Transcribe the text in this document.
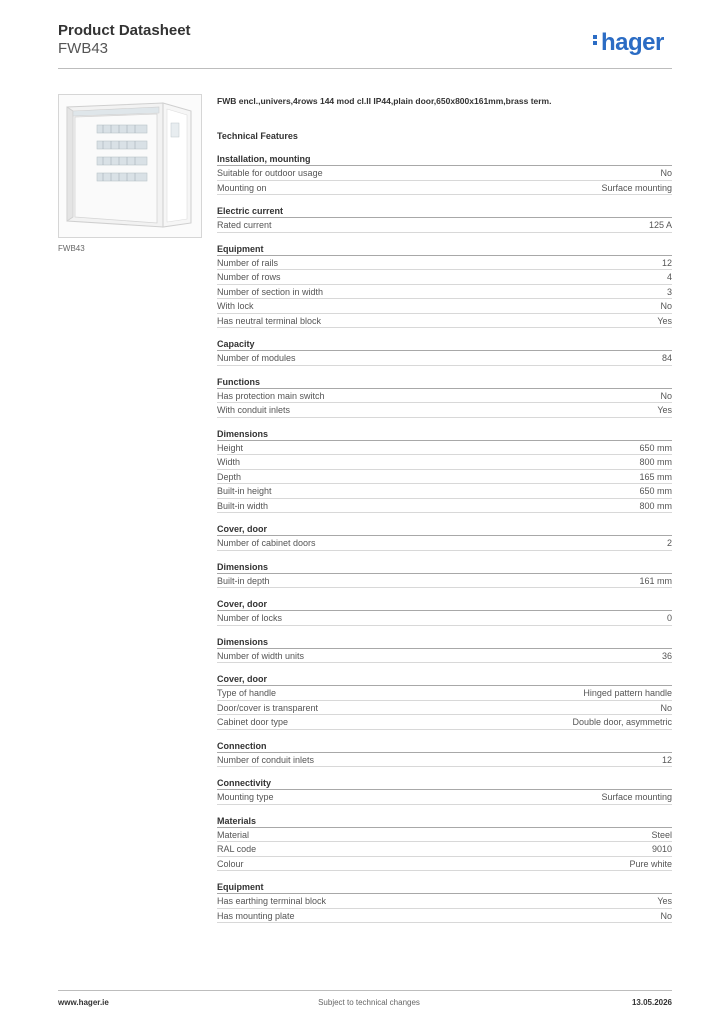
Product Datasheet
FWB43	hager
FWB43
FWB encl.,univers,4rows 144 mod cl.II IP44,plain door,650x800x161mm,brass term.
Technical Features
Installation, mounting
Suitable for outdoor usage	No
Mounting on	Surface mounting
Electric current
Rated current	125 A
Equipment
Number of rails	12
Number of rows	4
Number of section in width	3
With lock	No
Has neutral terminal block	Yes
Capacity
Number of modules	84
Functions
Has protection main switch	No
With conduit inlets	Yes
Dimensions
Height	650 mm
Width	800 mm
Depth	165 mm
Built-in height	650 mm
Built-in width	800 mm
Cover, door
Number of cabinet doors	2
Dimensions
Built-in depth	161 mm
Cover, door
Number of locks	0
Dimensions
Number of width units	36
Cover, door
Type of handle	Hinged pattern handle
Door/cover is transparent	No
Cabinet door type	Double door, asymmetric
Connection
Number of conduit inlets	12
Connectivity
Mounting type	Surface mounting
Materials
Material	Steel
RAL code	9010
Colour	Pure white
Equipment
Has earthing terminal block	Yes
Has mounting plate	No
www.hager.ie	Subject to technical changes	13.05.2026
